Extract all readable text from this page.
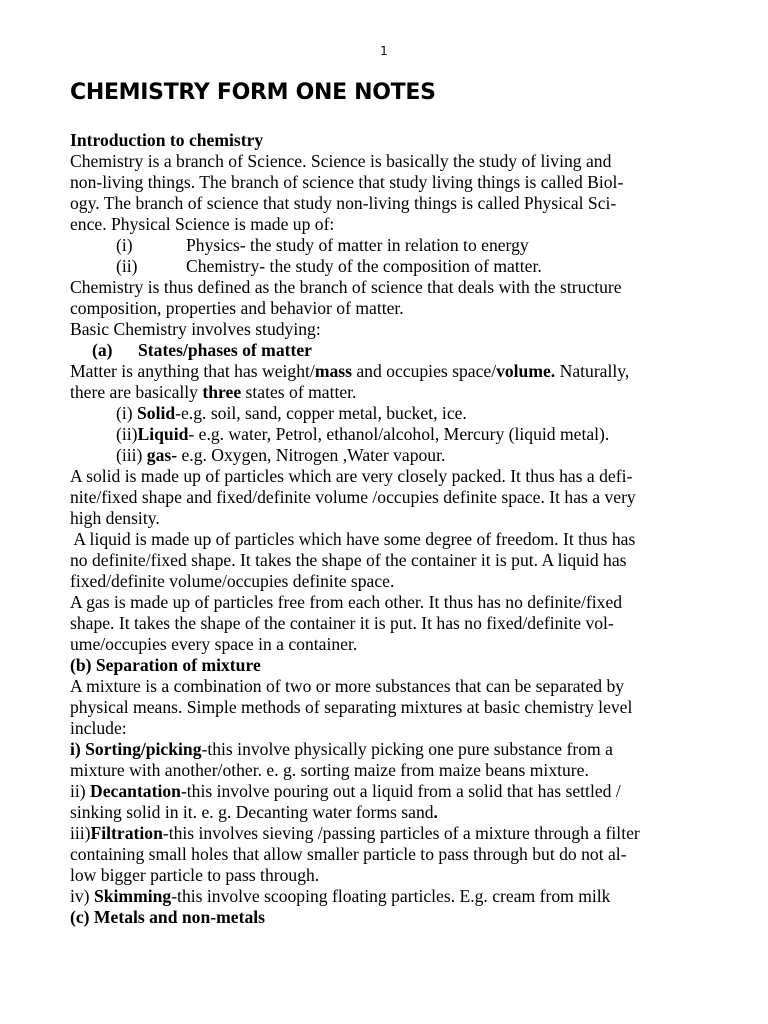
1
CHEMISTRY FORM ONE NOTES
Introduction to chemistry
Chemistry is a branch of Science. Science is basically the study of living and
non-living things. The branch of science that study living things is called Biol-
ogy. The branch of science that study non-living things is called Physical Sci-
ence. Physical Science is made up of:
(i)	Physics- the study of matter in relation to energy
(ii)	Chemistry- the study of the composition of matter.
Chemistry is thus defined as the branch of science that deals with the structure
composition, properties and behavior of matter.
Basic Chemistry involves studying:
(a) States/phases of matter
Matter is anything that has weight/mass and occupies space/volume. Naturally,
there are basically three states of matter.
(i) Solid-e.g. soil, sand, copper metal, bucket, ice.
(ii)Liquid- e.g. water, Petrol, ethanol/alcohol, Mercury (liquid metal).
(iii) gas- e.g. Oxygen, Nitrogen ,Water vapour.
A solid is made up of particles which are very closely packed. It thus has a defi-
nite/fixed shape and fixed/definite volume /occupies definite space. It has a very
high density.
A liquid is made up of particles which have some degree of freedom. It thus has
no definite/fixed shape. It takes the shape of the container it is put. A liquid has
fixed/definite volume/occupies definite space.
A gas is made up of particles free from each other. It thus has no definite/fixed
shape. It takes the shape of the container it is put. It has no fixed/definite vol-
ume/occupies every space in a container.
(b) Separation of mixture
A mixture is a combination of two or more substances that can be separated by
physical means. Simple methods of separating mixtures at basic chemistry level
include:
i) Sorting/picking-this involve physically picking one pure substance from a
mixture with another/other. e. g. sorting maize from maize beans mixture.
ii) Decantation-this involve pouring out a liquid from a solid that has settled /
sinking solid in it. e. g. Decanting water forms sand.
iii)Filtration-this involves sieving /passing particles of a mixture through a filter
containing small holes that allow smaller particle to pass through but do not al-
low bigger particle to pass through.
iv) Skimming-this involve scooping floating particles. E.g. cream from milk
(c) Metals and non-metals
